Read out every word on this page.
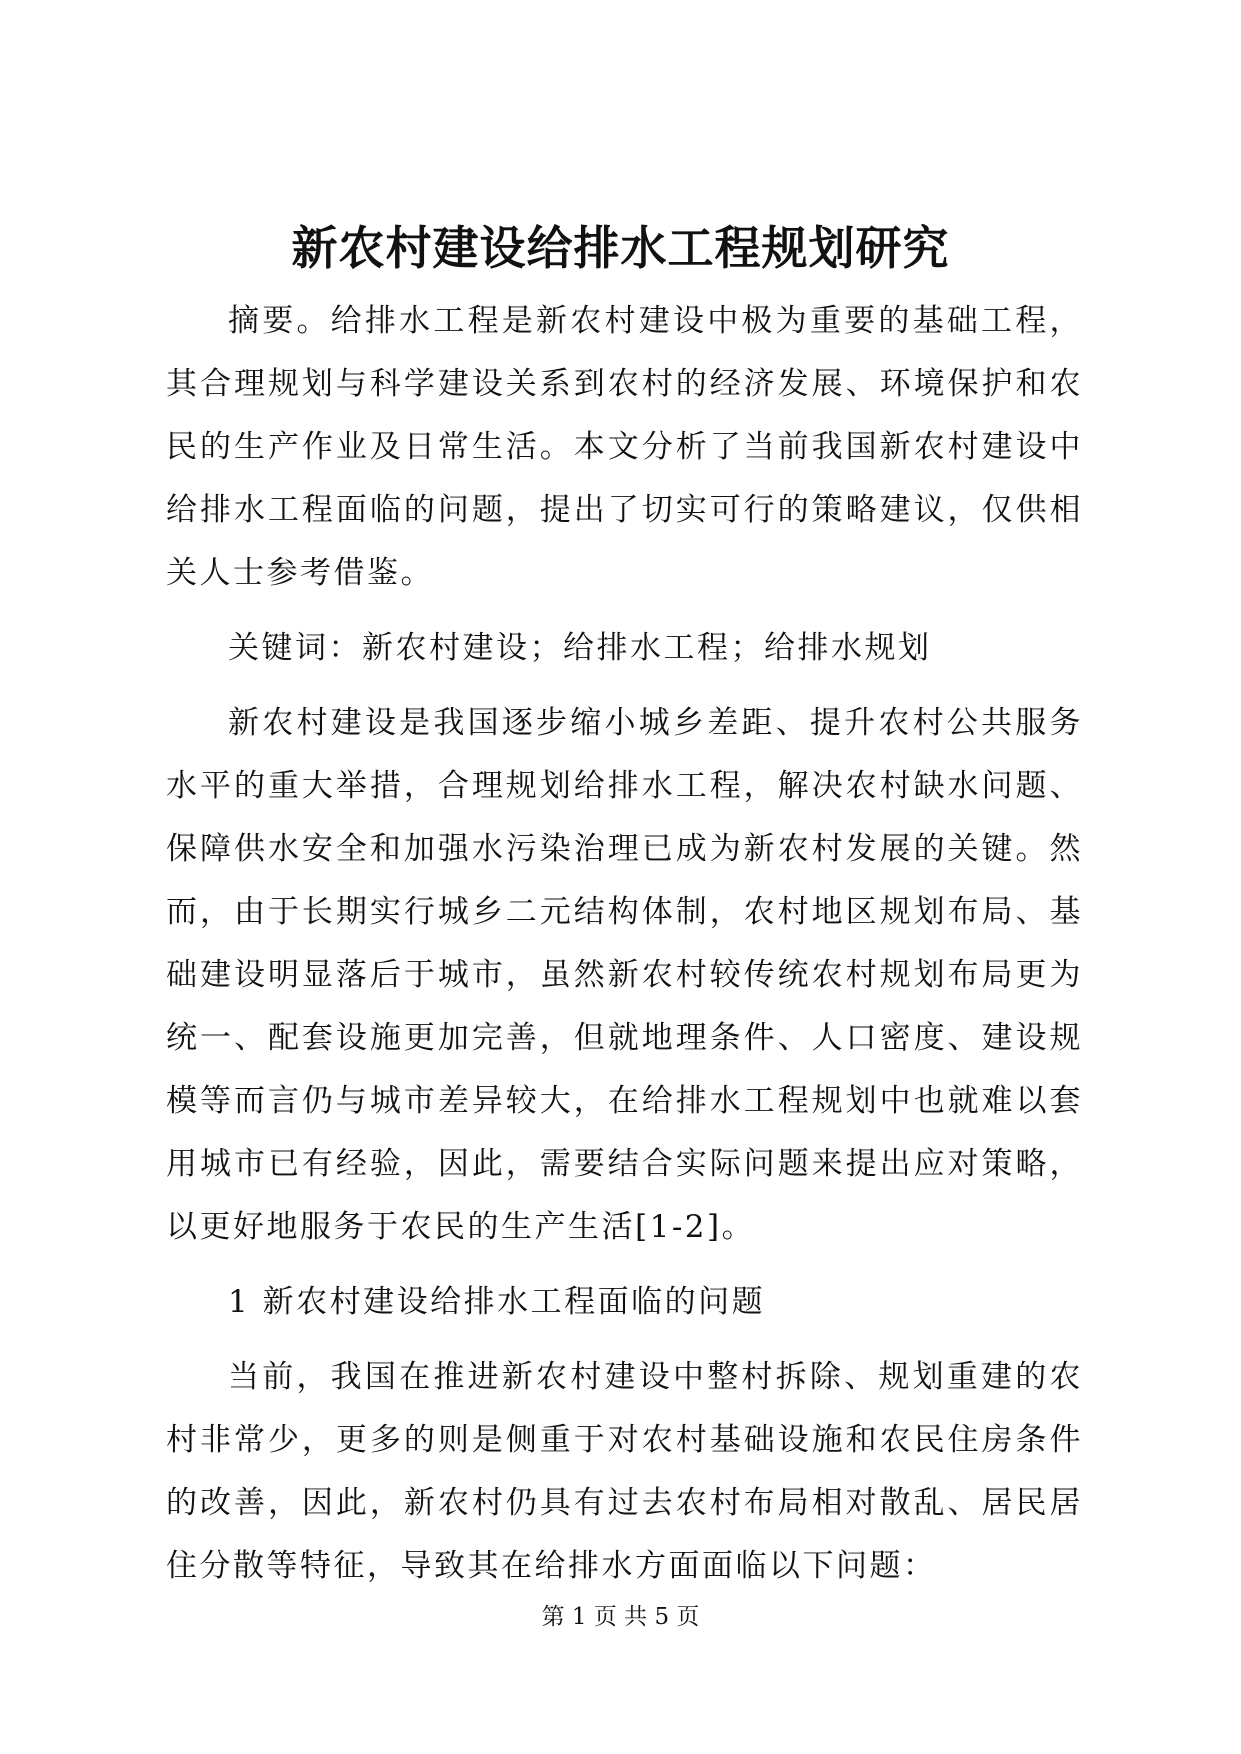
新农村建设给排水工程规划研究

摘要。给排水工程是新农村建设中极为重要的基础工程，其合理规划与科学建设关系到农村的经济发展、环境保护和农民的生产作业及日常生活。本文分析了当前我国新农村建设中给排水工程面临的问题，提出了切实可行的策略建议，仅供相关人士参考借鉴。

关键词：新农村建设；给排水工程；给排水规划

新农村建设是我国逐步缩小城乡差距、提升农村公共服务水平的重大举措，合理规划给排水工程，解决农村缺水问题、保障供水安全和加强水污染治理已成为新农村发展的关键。然而，由于长期实行城乡二元结构体制，农村地区规划布局、基础建设明显落后于城市，虽然新农村较传统农村规划布局更为统一、配套设施更加完善，但就地理条件、人口密度、建设规模等而言仍与城市差异较大，在给排水工程规划中也就难以套用城市已有经验，因此，需要结合实际问题来提出应对策略，以更好地服务于农民的生产生活[1-2]。

1 新农村建设给排水工程面临的问题

当前，我国在推进新农村建设中整村拆除、规划重建的农村非常少，更多的则是侧重于对农村基础设施和农民住房条件的改善，因此，新农村仍具有过去农村布局相对散乱、居民居住分散等特征，导致其在给排水方面面临以下问题：

第 1 页 共 5 页
